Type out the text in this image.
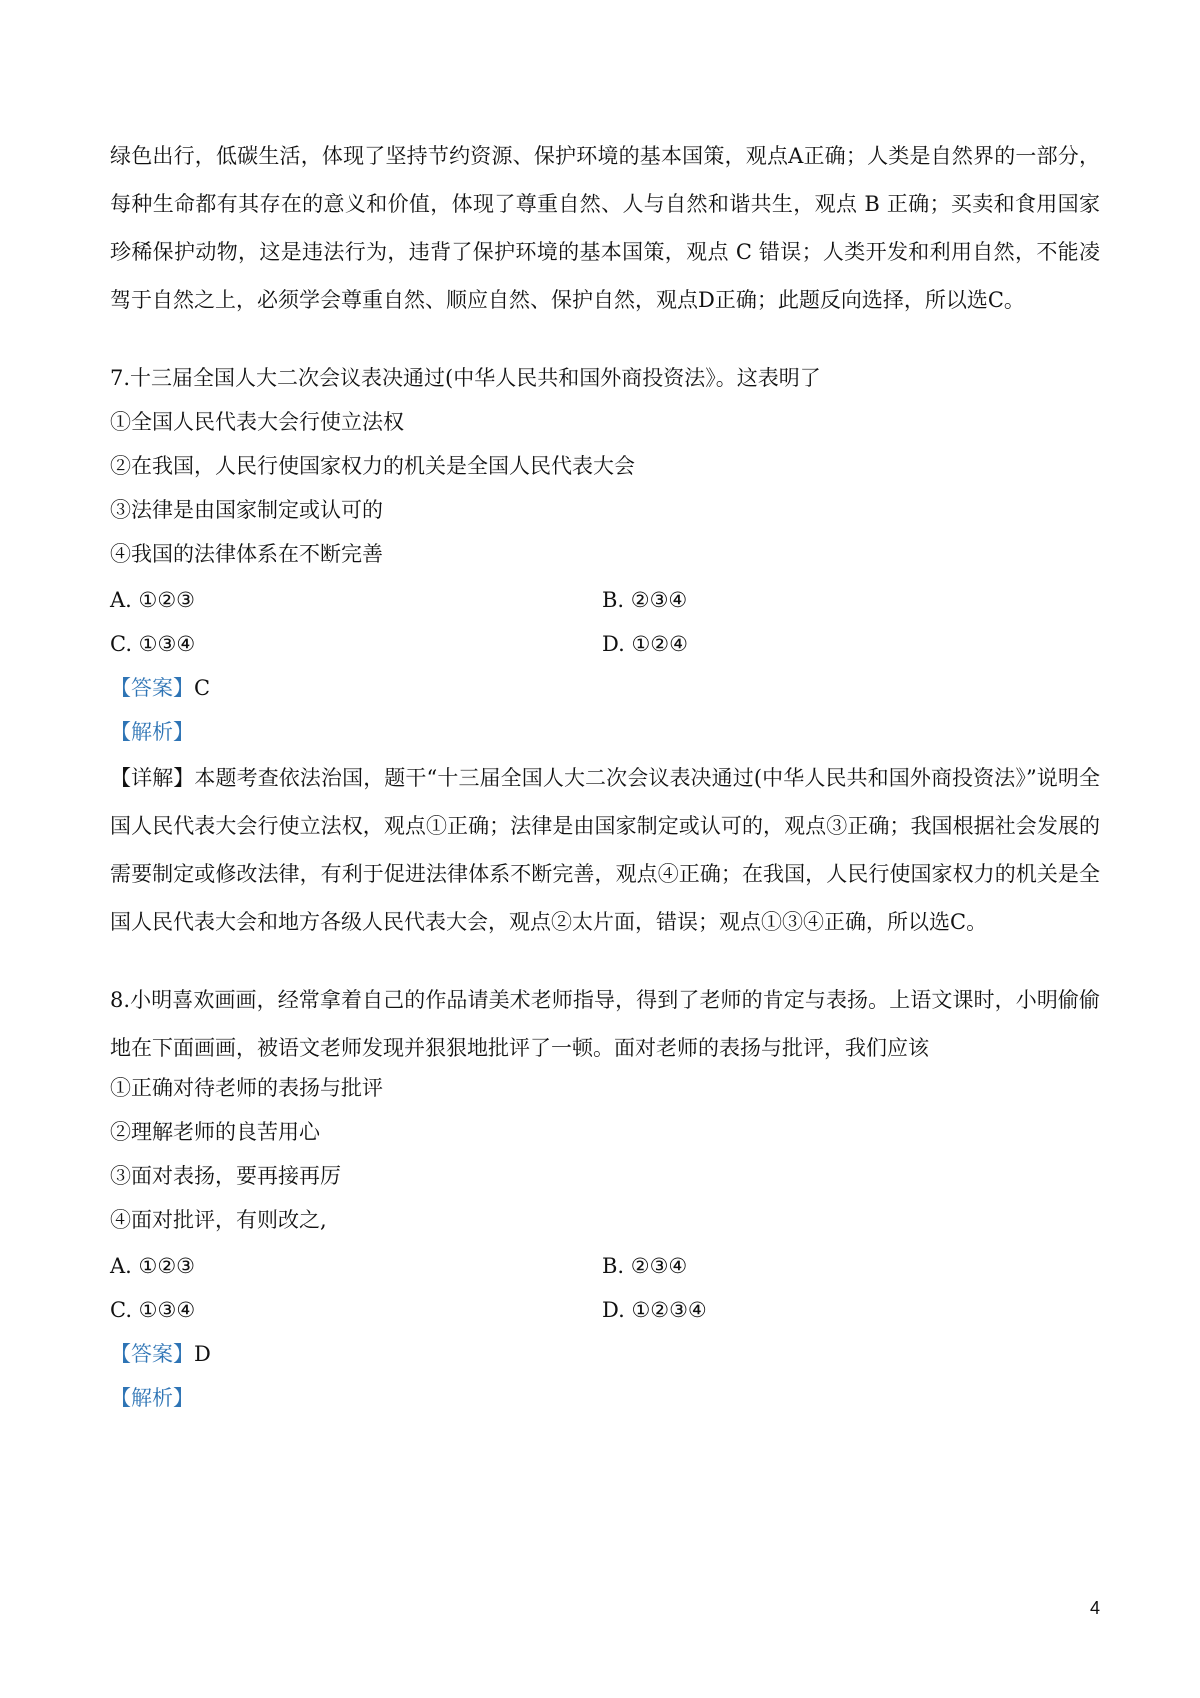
绿色出行，低碳生活，体现了坚持节约资源、保护环境的基本国策，观点A正确；人类是自然界的一部分，每种生命都有其存在的意义和价值，体现了尊重自然、人与自然和谐共生，观点 B 正确；买卖和食用国家珍稀保护动物，这是违法行为，违背了保护环境的基本国策，观点 C 错误；人类开发和利用自然，不能凌驾于自然之上，必须学会尊重自然、顺应自然、保护自然，观点D正确；此题反向选择，所以选C。
7.十三届全国人大二次会议表决通过(中华人民共和国外商投资法》。这表明了
①全国人民代表大会行使立法权
②在我国，人民行使国家权力的机关是全国人民代表大会
③法律是由国家制定或认可的
④我国的法律体系在不断完善
A. ①②③	B. ②③④
C. ①③④	D. ①②④
【答案】C
【解析】
【详解】本题考查依法治国，题干“十三届全国人大二次会议表决通过(中华人民共和国外商投资法》”说明全国人民代表大会行使立法权，观点①正确；法律是由国家制定或认可的，观点③正确；我国根据社会发展的需要制定或修改法律，有利于促进法律体系不断完善，观点④正确；在我国，人民行使国家权力的机关是全国人民代表大会和地方各级人民代表大会，观点②太片面，错误；观点①③④正确，所以选C。
8.小明喜欢画画，经常拿着自己的作品请美术老师指导，得到了老师的肯定与表扬。上语文课时，小明偷偷地在下面画画，被语文老师发现并狠狠地批评了一顿。面对老师的表扬与批评，我们应该
①正确对待老师的表扬与批评
②理解老师的良苦用心
③面对表扬，要再接再厉
④面对批评，有则改之,
A. ①②③	B. ②③④
C. ①③④	D. ①②③④
【答案】D
【解析】
4
